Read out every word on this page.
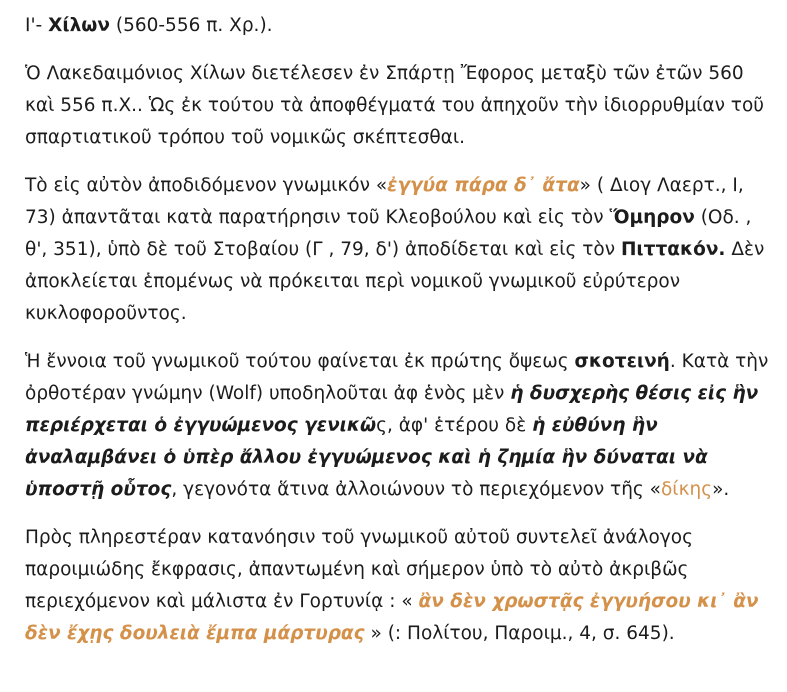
Ι'- Χίλων (560-556 π. Χρ.).

Ὁ Λακεδαιμόνιος Χίλων διετέλεσεν ἐν Σπάρτῃ Ἔφορος μεταξὺ τῶν ἐτῶν 560 καὶ 556 π.Χ.. Ὡς ἐκ τούτου τὰ ἀποφθέγματά του ἀπηχοῦν τὴν ἰδιορρυθμίαν τοῦ σπαρτιατικοῦ τρόπου τοῦ νομικῶς σκέπτεσθαι.

Τὸ εἰς αὐτὸν ἀποδιδόμενον γνωμικόν «ἐγγύα πάρα δ᾽ ἄτα» ( Διογ Λαερτ., Ι, 73) ἀπαντᾶται κατὰ παρατήρησιν τοῦ Κλεοβούλου καὶ εἰς τὸν Ὅμηρον (Οδ. , θ', 351), ὑπὸ δὲ τοῦ Στοβαίου (Γ , 79, δ') ἀποδίδεται καὶ εἰς τὸν Πιττακόν. Δὲν ἀποκλείεται ἑπομένως νὰ πρόκειται περὶ νομικοῦ γνωμικοῦ εὐρύτερον κυκλοφοροῦντος.

Ἡ ἔννοια τοῦ γνωμικοῦ τούτου φαίνεται ἐκ πρώτης ὄψεως σκοτεινή. Κατὰ τὴν ὀρθοτέραν γνώμην (Wolf) υποδηλοῦται ἀφ ἑνὸς μὲν ἡ δυσχερὴς θέσις εἰς ἣν περιέρχεται ὁ ἐγγυώμενος γενικῶς, ἀφ' ἑτέρου δὲ ἡ εὐθύνη ἣν ἀναλαμβάνει ὁ ὑπὲρ ἄλλου ἐγγυώμενος καὶ ἡ ζημία ἣν δύναται νὰ ὑποστῇ οὗτος, γεγονότα ἅτινα ἀλλοιώνουν τὸ περιεχόμενον τῆς «δίκης».

Πρὸς πληρεστέραν κατανόησιν τοῦ γνωμικοῦ αὐτοῦ συντελεῖ ἀνάλογος παροιμιώδης ἔκφρασις, ἀπαντωμένη καὶ σήμερον ὑπὸ τὸ αὐτὸ ἀκριβῶς περιεχόμενον καὶ μάλιστα ἐν Γορτυνίᾳ : « ἂν δὲν χρωστᾷς ἐγγυήσου κι᾽ ἂν δὲν ἔχῃς δουλειὰ ἔμπα μάρτυρας » (: Πολίτου, Παροιμ., 4, σ. 645).
